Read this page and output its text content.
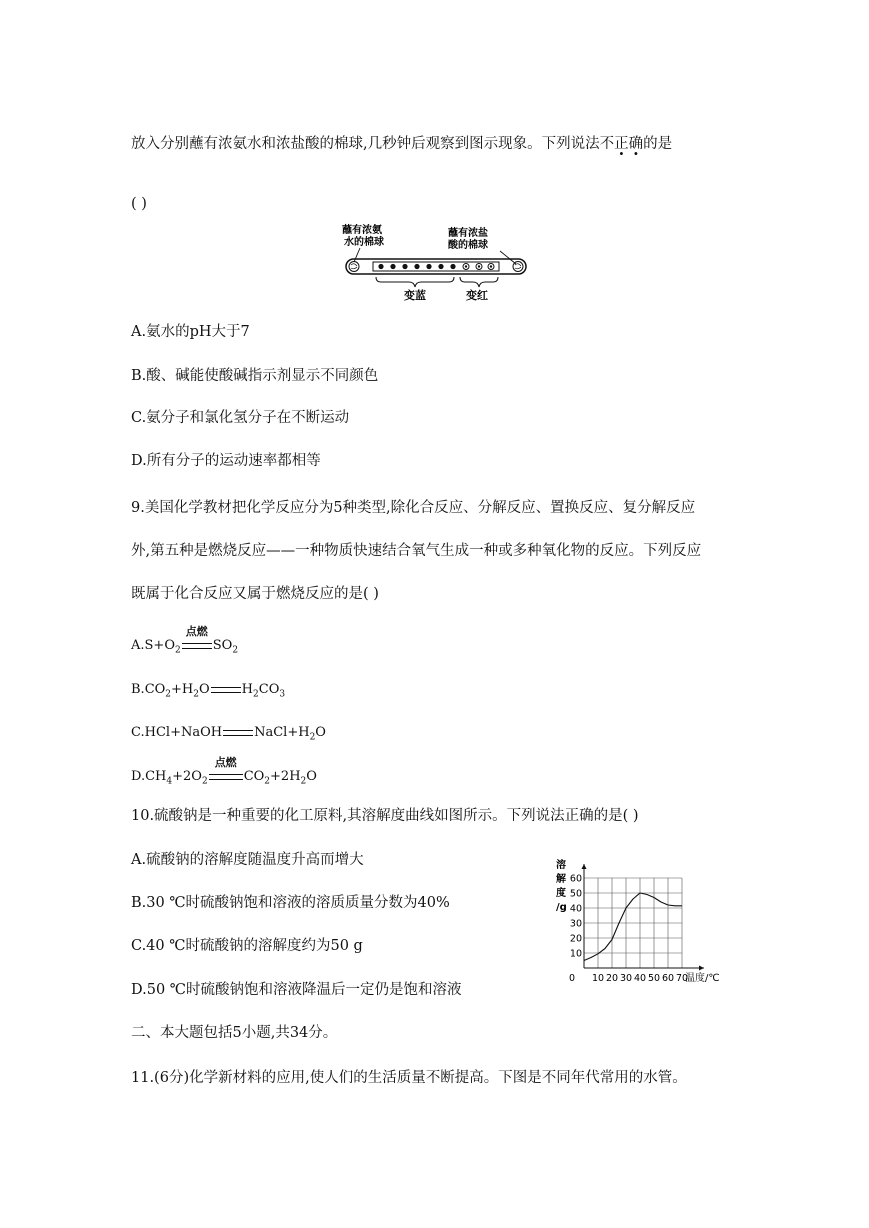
放入分别蘸有浓氨水和浓盐酸的棉球,几秒钟后观察到图示现象。下列说法不正确的是
( )
蘸有浓氨
水的棉球
蘸有浓盐
酸的棉球
变蓝	变红
A.氨水的pH大于7
B.酸、碱能使酸碱指示剂显示不同颜色
C.氨分子和氯化氢分子在不断运动
D.所有分子的运动速率都相等
9.美国化学教材把化学反应分为5种类型,除化合反应、分解反应、置换反应、复分解反应
外,第五种是燃烧反应——一种物质快速结合氧气生成一种或多种氧化物的反应。下列反应
既属于化合反应又属于燃烧反应的是( )
$A.S+O_2$
点燃
$SO_2$
$B.CO_2+H_2O$ $H_2CO_3$
C.HCl+NaOH $NaCl+H_2O$
$D.CH_4+2O_2$
点燃
$CO_2+2H_2O$
10.硫酸钠是一种重要的化工原料,其溶解度曲线如图所示。下列说法正确的是( )
A.硫酸钠的溶解度随温度升高而增大
B.30 ℃时硫酸钠饱和溶液的溶质质量分数为40%
C.40 ℃时硫酸钠的溶解度约为50 g
D.50 ℃时硫酸钠饱和溶液降温后一定仍是饱和溶液
10 20 30 40 50 60 70
10
20
30
40
50
60
0	温度/℃
溶
解
度
/g
二、本大题包括5小题,共34分。
11.(6分)化学新材料的应用,使人们的生活质量不断提高。下图是不同年代常用的水管。
